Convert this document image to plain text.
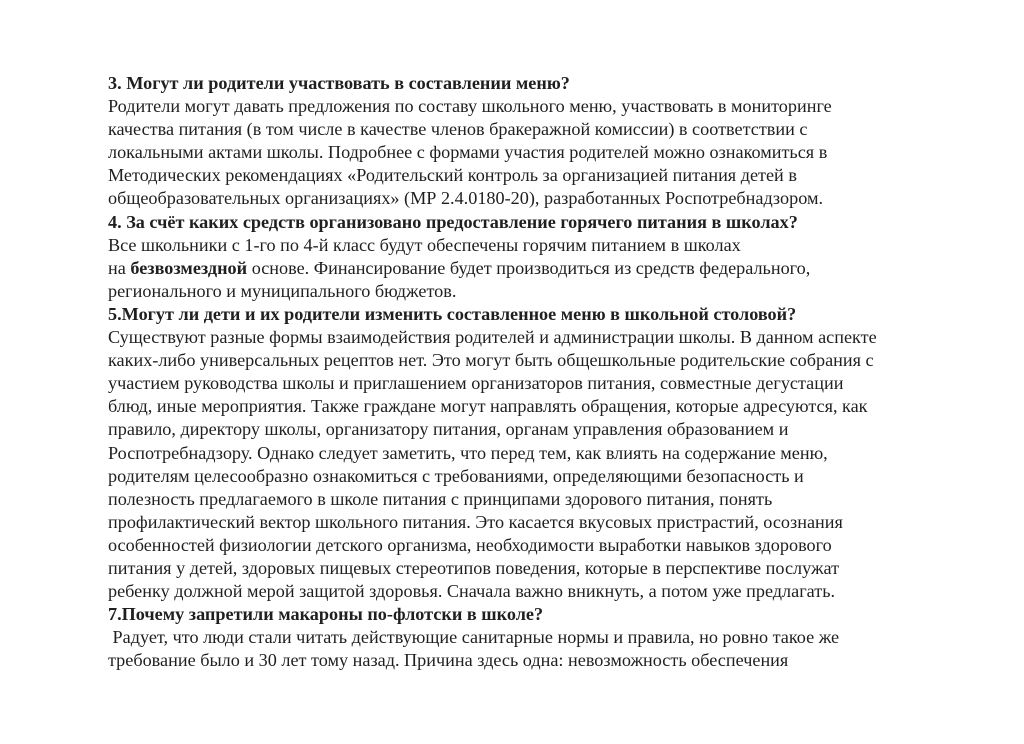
3. Могут ли родители участвовать в составлении меню?
Родители могут давать предложения по составу школьного меню, участвовать в мониторинге
качества питания (в том числе в качестве членов бракеражной комиссии) в соответствии с
локальными актами школы. Подробнее с формами участия родителей можно ознакомиться в
Методических рекомендациях «Родительский контроль за организацией питания детей в
общеобразовательных организациях» (МР 2.4.0180-20), разработанных Роспотребнадзором.
4. За счёт каких средств организовано предоставление горячего питания в школах?
Все школьники с 1-го по 4-й класс будут обеспечены горячим питанием в школах
на безвозмездной основе. Финансирование будет производиться из средств федерального,
регионального и муниципального бюджетов.
5.Могут ли дети и их родители изменить составленное меню в школьной столовой?
Существуют разные формы взаимодействия родителей и администрации школы. В данном аспекте
каких-либо универсальных рецептов нет. Это могут быть общешкольные родительские собрания с
участием руководства школы и приглашением организаторов питания, совместные дегустации
блюд, иные мероприятия. Также граждане могут направлять обращения, которые адресуются, как
правило, директору школы, организатору питания, органам управления образованием и
Роспотребнадзору. Однако следует заметить, что перед тем, как влиять на содержание меню,
родителям целесообразно ознакомиться с требованиями, определяющими безопасность и
полезность предлагаемого в школе питания с принципами здорового питания, понять
профилактический вектор школьного питания. Это касается вкусовых пристрастий, осознания
особенностей физиологии детского организма, необходимости выработки навыков здорового
питания у детей, здоровых пищевых стереотипов поведения, которые в перспективе послужат
ребенку должной мерой защитой здоровья. Сначала важно вникнуть, а потом уже предлагать.
7.Почему запретили макароны по-флотски в школе?
Радует, что люди стали читать действующие санитарные нормы и правила, но ровно такое же
требование было и 30 лет тому назад. Причина здесь одна: невозможность обеспечения
